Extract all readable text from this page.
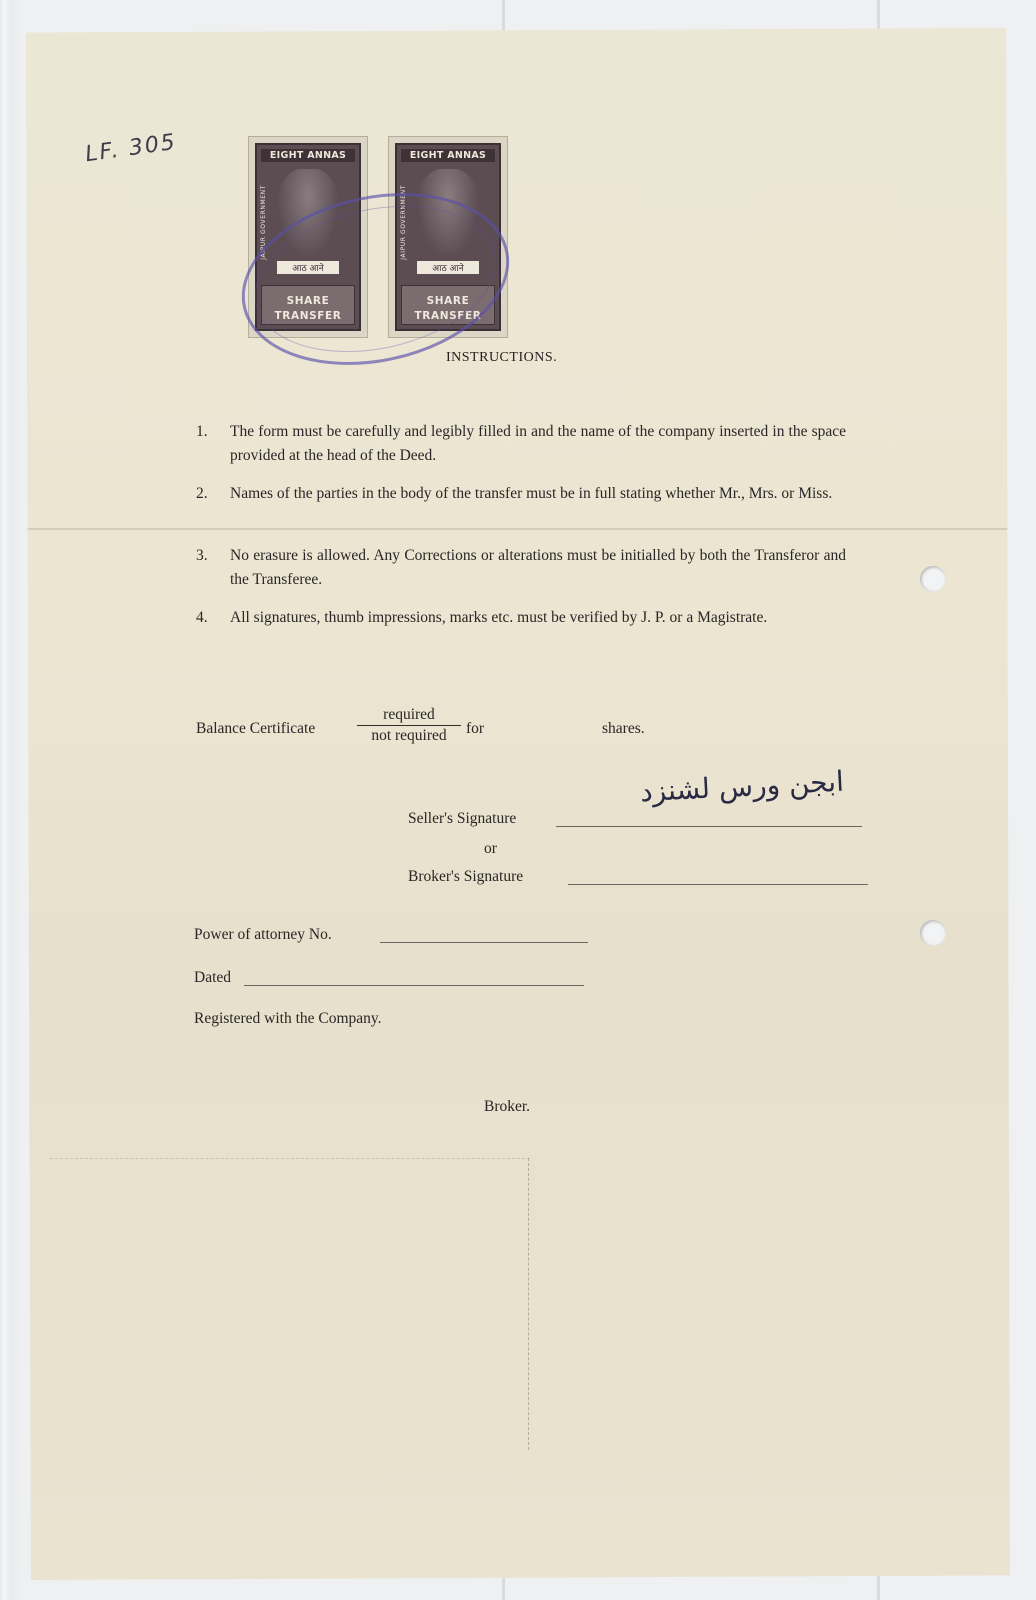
LF. 305	EIGHT ANNAS
JAIPUR GOVERNMENT
आठ आने
SHARE
TRANSFER
EIGHT ANNAS
JAIPUR GOVERNMENT
आठ आने
SHARE
TRANSFER
INSTRUCTIONS.
1.	The form must be carefully and legibly filled in and the name of the company inserted in the space provided at the head of the Deed.
2.	Names of the parties in the body of the transfer must be in full stating whether Mr., Mrs. or Miss.
3.	No erasure is allowed. Any Corrections or alterations must be initialled by both the Transferor and the Transferee.
4.	All signatures, thumb impressions, marks etc. must be verified by J. P. or a Magistrate.
Balance Certificate
required
not required	for	shares.
Seller's Signature
ابجن ورس لشنزد
or
Broker's Signature
Power of attorney No.
Dated
Registered with the Company.
Broker.
